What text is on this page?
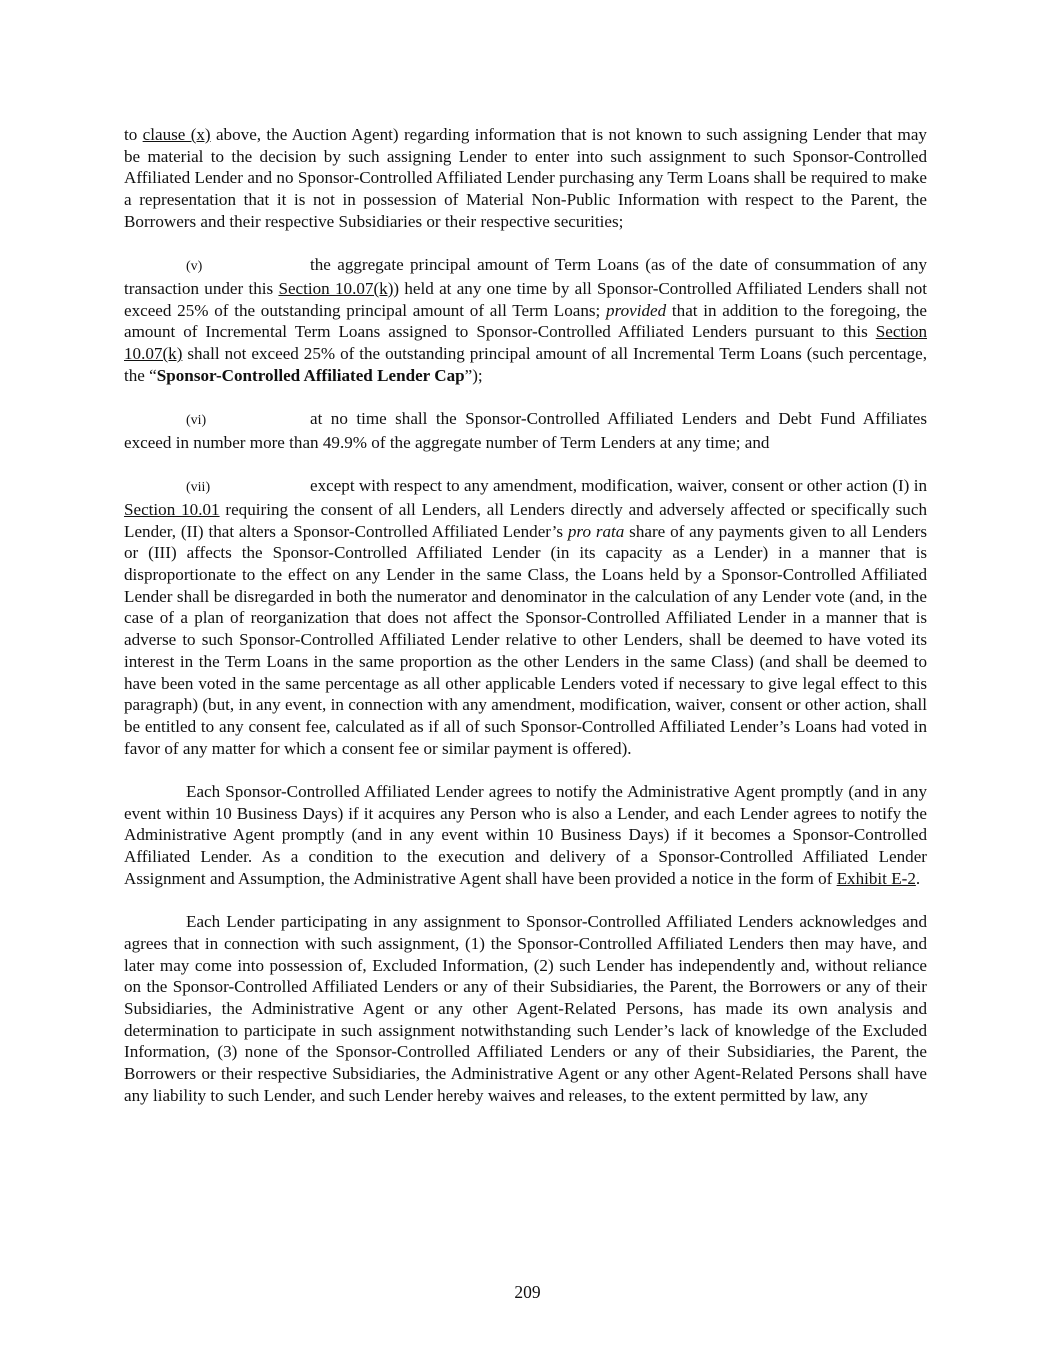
to clause (x) above, the Auction Agent) regarding information that is not known to such assigning Lender that may be material to the decision by such assigning Lender to enter into such assignment to such Sponsor-Controlled Affiliated Lender and no Sponsor-Controlled Affiliated Lender purchasing any Term Loans shall be required to make a representation that it is not in possession of Material Non-Public Information with respect to the Parent, the Borrowers and their respective Subsidiaries or their respective securities;

(v)	the aggregate principal amount of Term Loans (as of the date of consummation of any transaction under this Section 10.07(k)) held at any one time by all Sponsor-Controlled Affiliated Lenders shall not exceed 25% of the outstanding principal amount of all Term Loans; provided that in addition to the foregoing, the amount of Incremental Term Loans assigned to Sponsor-Controlled Affiliated Lenders pursuant to this Section 10.07(k) shall not exceed 25% of the outstanding principal amount of all Incremental Term Loans (such percentage, the “Sponsor-Controlled Affiliated Lender Cap”);

(vi)	at no time shall the Sponsor-Controlled Affiliated Lenders and Debt Fund Affiliates exceed in number more than 49.9% of the aggregate number of Term Lenders at any time; and

(vii)	except with respect to any amendment, modification, waiver, consent or other action (I) in Section 10.01 requiring the consent of all Lenders, all Lenders directly and adversely affected or specifically such Lender, (II) that alters a Sponsor-Controlled Affiliated Lender’s pro rata share of any payments given to all Lenders or (III) affects the Sponsor-Controlled Affiliated Lender (in its capacity as a Lender) in a manner that is disproportionate to the effect on any Lender in the same Class, the Loans held by a Sponsor-Controlled Affiliated Lender shall be disregarded in both the numerator and denominator in the calculation of any Lender vote (and, in the case of a plan of reorganization that does not affect the Sponsor-Controlled Affiliated Lender in a manner that is adverse to such Sponsor-Controlled Affiliated Lender relative to other Lenders, shall be deemed to have voted its interest in the Term Loans in the same proportion as the other Lenders in the same Class) (and shall be deemed to have been voted in the same percentage as all other applicable Lenders voted if necessary to give legal effect to this paragraph) (but, in any event, in connection with any amendment, modification, waiver, consent or other action, shall be entitled to any consent fee, calculated as if all of such Sponsor-Controlled Affiliated Lender’s Loans had voted in favor of any matter for which a consent fee or similar payment is offered).

Each Sponsor-Controlled Affiliated Lender agrees to notify the Administrative Agent promptly (and in any event within 10 Business Days) if it acquires any Person who is also a Lender, and each Lender agrees to notify the Administrative Agent promptly (and in any event within 10 Business Days) if it becomes a Sponsor-Controlled Affiliated Lender. As a condition to the execution and delivery of a Sponsor-Controlled Affiliated Lender Assignment and Assumption, the Administrative Agent shall have been provided a notice in the form of Exhibit E-2.

Each Lender participating in any assignment to Sponsor-Controlled Affiliated Lenders acknowledges and agrees that in connection with such assignment, (1) the Sponsor-Controlled Affiliated Lenders then may have, and later may come into possession of, Excluded Information, (2) such Lender has independently and, without reliance on the Sponsor-Controlled Affiliated Lenders or any of their Subsidiaries, the Parent, the Borrowers or any of their Subsidiaries, the Administrative Agent or any other Agent-Related Persons, has made its own analysis and determination to participate in such assignment notwithstanding such Lender’s lack of knowledge of the Excluded Information, (3) none of the Sponsor-Controlled Affiliated Lenders or any of their Subsidiaries, the Parent, the Borrowers or their respective Subsidiaries, the Administrative Agent or any other Agent-Related Persons shall have any liability to such Lender, and such Lender hereby waives and releases, to the extent permitted by law, any

209
